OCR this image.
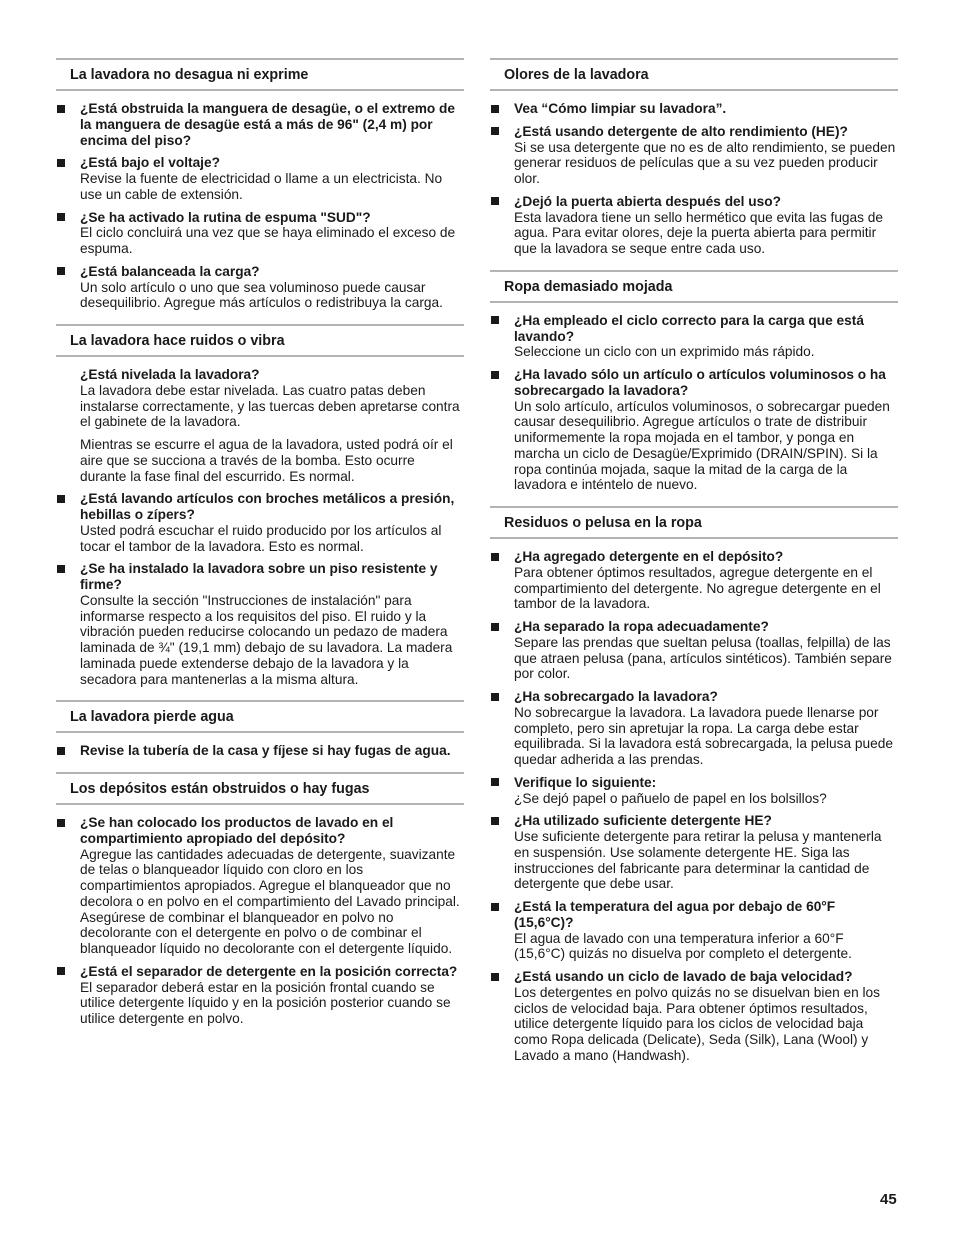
La lavadora no desagua ni exprime
¿Está obstruida la manguera de desagüe, o el extremo de la manguera de desagüe está a más de 96" (2,4 m) por encima del piso?
¿Está bajo el voltaje?
Revise la fuente de electricidad o llame a un electricista. No use un cable de extensión.
¿Se ha activado la rutina de espuma "SUD"?
El ciclo concluirá una vez que se haya eliminado el exceso de espuma.
¿Está balanceada la carga?
Un solo artículo o uno que sea voluminoso puede causar desequilibrio. Agregue más artículos o redistribuya la carga.
La lavadora hace ruidos o vibra
¿Está nivelada la lavadora?
La lavadora debe estar nivelada. Las cuatro patas deben instalarse correctamente, y las tuercas deben apretarse contra el gabinete de la lavadora.
Mientras se escurre el agua de la lavadora, usted podrá oír el aire que se succiona a través de la bomba. Esto ocurre durante la fase final del escurrido. Es normal.
¿Está lavando artículos con broches metálicos a presión, hebillas o zípers?
Usted podrá escuchar el ruido producido por los artículos al tocar el tambor de la lavadora. Esto es normal.
¿Se ha instalado la lavadora sobre un piso resistente y firme?
Consulte la sección "Instrucciones de instalación" para informarse respecto a los requisitos del piso. El ruido y la vibración pueden reducirse colocando un pedazo de madera laminada de ¾" (19,1 mm) debajo de su lavadora. La madera laminada puede extenderse debajo de la lavadora y la secadora para mantenerlas a la misma altura.
La lavadora pierde agua
Revise la tubería de la casa y fíjese si hay fugas de agua.
Los depósitos están obstruidos o hay fugas
¿Se han colocado los productos de lavado en el compartimiento apropiado del depósito?
Agregue las cantidades adecuadas de detergente, suavizante de telas o blanqueador líquido con cloro en los compartimientos apropiados. Agregue el blanqueador que no decolora o en polvo en el compartimiento del Lavado principal. Asegúrese de combinar el blanqueador en polvo no decolorante con el detergente en polvo o de combinar el blanqueador líquido no decolorante con el detergente líquido.
¿Está el separador de detergente en la posición correcta?
El separador deberá estar en la posición frontal cuando se utilice detergente líquido y en la posición posterior cuando se utilice detergente en polvo.
Olores de la lavadora
Vea “Cómo limpiar su lavadora”.
¿Está usando detergente de alto rendimiento (HE)?
Si se usa detergente que no es de alto rendimiento, se pueden generar residuos de películas que a su vez pueden producir olor.
¿Dejó la puerta abierta después del uso?
Esta lavadora tiene un sello hermético que evita las fugas de agua. Para evitar olores, deje la puerta abierta para permitir que la lavadora se seque entre cada uso.
Ropa demasiado mojada
¿Ha empleado el ciclo correcto para la carga que está lavando?
Seleccione un ciclo con un exprimido más rápido.
¿Ha lavado sólo un artículo o artículos voluminosos o ha sobrecargado la lavadora?
Un solo artículo, artículos voluminosos, o sobrecargar pueden causar desequilibrio. Agregue artículos o trate de distribuir uniformemente la ropa mojada en el tambor, y ponga en marcha un ciclo de Desagüe/Exprimido (DRAIN/SPIN). Si la ropa continúa mojada, saque la mitad de la carga de la lavadora e inténtelo de nuevo.
Residuos o pelusa en la ropa
¿Ha agregado detergente en el depósito?
Para obtener óptimos resultados, agregue detergente en el compartimiento del detergente. No agregue detergente en el tambor de la lavadora.
¿Ha separado la ropa adecuadamente?
Separe las prendas que sueltan pelusa (toallas, felpilla) de las que atraen pelusa (pana, artículos sintéticos). También separe por color.
¿Ha sobrecargado la lavadora?
No sobrecargue la lavadora. La lavadora puede llenarse por completo, pero sin apretujar la ropa. La carga debe estar equilibrada. Si la lavadora está sobrecargada, la pelusa puede quedar adherida a las prendas.
Verifique lo siguiente:
¿Se dejó papel o pañuelo de papel en los bolsillos?
¿Ha utilizado suficiente detergente HE?
Use suficiente detergente para retirar la pelusa y mantenerla en suspensión. Use solamente detergente HE. Siga las instrucciones del fabricante para determinar la cantidad de detergente que debe usar.
¿Está la temperatura del agua por debajo de 60°F (15,6°C)?
El agua de lavado con una temperatura inferior a 60°F (15,6°C) quizás no disuelva por completo el detergente.
¿Está usando un ciclo de lavado de baja velocidad?
Los detergentes en polvo quizás no se disuelvan bien en los ciclos de velocidad baja. Para obtener óptimos resultados, utilice detergente líquido para los ciclos de velocidad baja como Ropa delicada (Delicate), Seda (Silk), Lana (Wool) y Lavado a mano (Handwash).
45
